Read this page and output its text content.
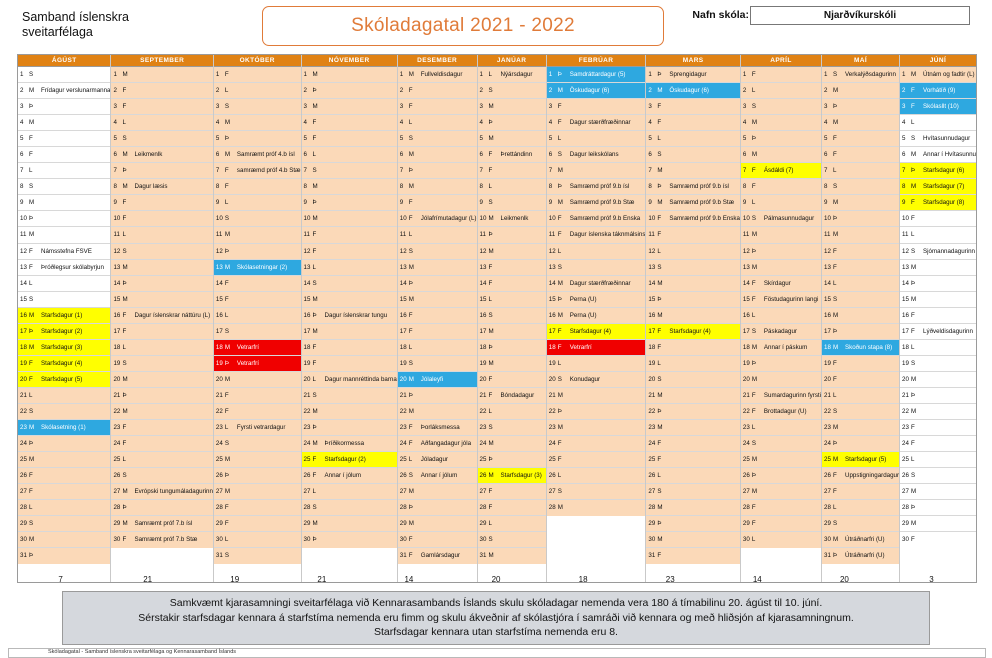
Samband íslenskra
sveitarfélaga	Skóladagatal 2021 - 2022	Nafn skóla:	Njarðvíkurskóli
ÁGÚST
1 S
2 M	Frídagur verslunarmanna
3 Þ
4 M
5 F
6 F
7 L
8 S
9 M
10 Þ
11 M
12 F	Námsstefna FSVE
13 F	Þróðlegsur skólabyrjun
14 L
15 S
16 M	Starfsdagur (1)
17 Þ	Starfsdagur (2)
18 M	Starfsdagur (3)
19 F	Starfsdagur (4)
20 F	Starfsdagur (5)
21 L
22 S
23 M	Skólasetning (1)
24 Þ
25 M
26 F
27 F
28 L
29 S
30 M
31 Þ
SEPTEMBER
1 M
2 F
3 F
4 L
5 S
6 M	Leikmenlk
7 Þ
8 M	Dagur læsis
9 F
10 F
11 L
12 S
13 M
14 Þ
15 M
16 F	Dagur íslenskrar náttúru (L)
17 F
18 L
19 S
20 M
21 Þ
22 M
23 F
24 F
25 L
26 S
27 M	Evrópski tungumáladagurinn
28 Þ
29 M	Samræmt próf 7.b ísl
30 F	Samræmt próf 7.b Stæ
OKTÓBER
1 F
2 L
3 S
4 M
5 Þ
6 M	Samræmt próf 4.b ísl
7 F	samræmd próf 4.b Stæ
8 F
9 L
10 S
11 M
12 Þ
13 M	Skólasetningar (2)
14 F
15 F
16 L
17 S
18 M	Vetrarfrí
19 Þ	Vetrarfrí
20 M
21 F
22 F
23 L	Fyrsti vetrardagur
24 S
25 M
26 Þ
27 M
28 F
29 F
30 L
31 S
NÓVEMBER
1 M
2 Þ
3 M
4 F
5 F
6 L
7 S
8 M
9 Þ
10 M
11 F
12 F
13 L
14 S
15 M
16 Þ	Dagur íslenskrar tungu
17 M
18 F
19 F
20 L	Dagur mannréttinda barna
21 S
22 M
23 Þ
24 M	Þríðikormessa
25 F	Starfsdagur (2)
26 F	Annar í jólum
27 L
28 S
29 M
30 Þ
DESEMBER
1 M	Fullveldisdagur
2 F
3 F
4 L
5 S
6 M
7 Þ
8 M
9 F
10 F	Jólafrímutadagur (L)
11 L
12 S
13 M
14 Þ
15 M
16 F
17 F
18 L
19 S
20 M	Jólaleyfi
21 Þ
22 M
23 F	Þorláksmessa
24 F	Aðfangadagur jóla
25 L	Jóladagur
26 S	Annar í jólum
27 M
28 Þ
29 M
30 F
31 F	Gamlársdagur
JANÚAR
1 L	Nýársdagur
2 S
3 M
4 Þ
5 M
6 F	Þrettándinn
7 F
8 L
9 S
10 M	Leikmenlk
11 Þ
12 M
13 F
14 F
15 L
16 S
17 M
18 Þ
19 M
20 F
21 F	Bóndadagur
22 L
23 S
24 M
25 Þ
26 M	Starfsdagur (3)
27 F
28 F
29 L
30 S
31 M
FEBRÚAR
1 Þ	Samdráttardagur (5)
2 M	Öskudagur (6)
3 F
4 F	Dagur stærðfræðinnar
5 L
6 S	Dagur leikskólans
7 M
8 Þ	Samræmd próf 9.b ísl
9 M	Samræmd próf 9.b Stæ
10 F	Samræmd próf 9.b Enska
11 F	Dagur íslenska táknmálsins
12 L
13 S
14 M	Dagur stærðfræðinnar
15 Þ	Perna (U)
16 M	Perna (U)
17 F	Starfsdagur (4)
18 F	Vetrarfrí
19 L
20 S	Konudagur
21 M
22 Þ
23 M
24 F
25 F
26 L
27 S
28 M
MARS
1 Þ	Sprengidagur
2 M	Öskudagur (6)
3 F
4 F
5 L
6 S
7 M
8 Þ	Samræmd próf 9.b ísl
9 M	Samræmd próf 9.b Stæ
10 F	Samræmd próf 9.b Enska
11 F
12 L
13 S
14 M
15 Þ
16 M
17 F	Starfsdagur (4)
18 F
19 L
20 S
21 M
22 Þ
23 M
24 F
25 F
26 L
27 S
28 M
29 Þ
30 M
31 F
APRÍL
1 F
2 L
3 S
4 M
5 Þ
6 M
7 F	Ásdáldi (7)
8 F
9 L
10 S	Pálmasunnudagur
11 M
12 Þ
13 M
14 F	Skírdagur
15 F	Föstudagurinn langi
16 L
17 S	Páskadagur
18 M	Annar í páskum
19 Þ
20 M
21 F	Sumardagurinn fyrsti
22 F	Brottadagur (U)
23 L
24 S
25 M
26 Þ
27 M
28 F
29 F
30 L
MAÍ
1 S	Verkalýðsdagurinn
2 M
3 Þ
4 M
5 F
6 F
7 L
8 S
9 M
10 Þ
11 M
12 F
13 F
14 L
15 S
16 M
17 Þ
18 M	Skoðun stapa (8)
19 F
20 F
21 L
22 S
23 M
24 Þ
25 M	Starfsdagur (5)
26 F	Uppstigningardagur
27 F
28 L
29 S
30 M	Útráðnarfri (U)
31 Þ	Útráðnarfri (U)
JÚNÍ
1 M	Útnám og fadtir (L)
2 F	Vorhátíð (9)
3 F	Skólasllt (10)
4 L
5 S	Hvítasunnudagur
6 M	Annar í Hvítasunnu
7 Þ	Starfsdagur (6)
8 M	Starfsdagur (7)
9 F	Starfsdagur (8)
10 F
11 L
12 S	Sjómannadagurinn
13 M
14 Þ
15 M
16 F
17 F	Lýðveldisdagurinn
18 L
19 S
20 M
21 Þ
22 M
23 F
24 F
25 L
26 S
27 M
28 Þ
29 M
30 F
7	21	19	21	14	20	18	23	14	20	3
Samkvæmt kjarasamningi sveitarfélaga við Kennarasambands Íslands skulu skóladagar nemenda vera 180 á tímabilinu 20. ágúst til 10. júní.
Sérstakir starfsdagar kennara á starfstíma nemenda eru fimm og skulu ákveðnir af skólastjóra í samráði við kennara og með hliðsjón af kjarasamningnum.
Starfsdagar kennara utan starfstíma nemenda eru 8.
Skóladagatal - Samband íslenskra sveitarfélaga og Kennarasamband Íslands
